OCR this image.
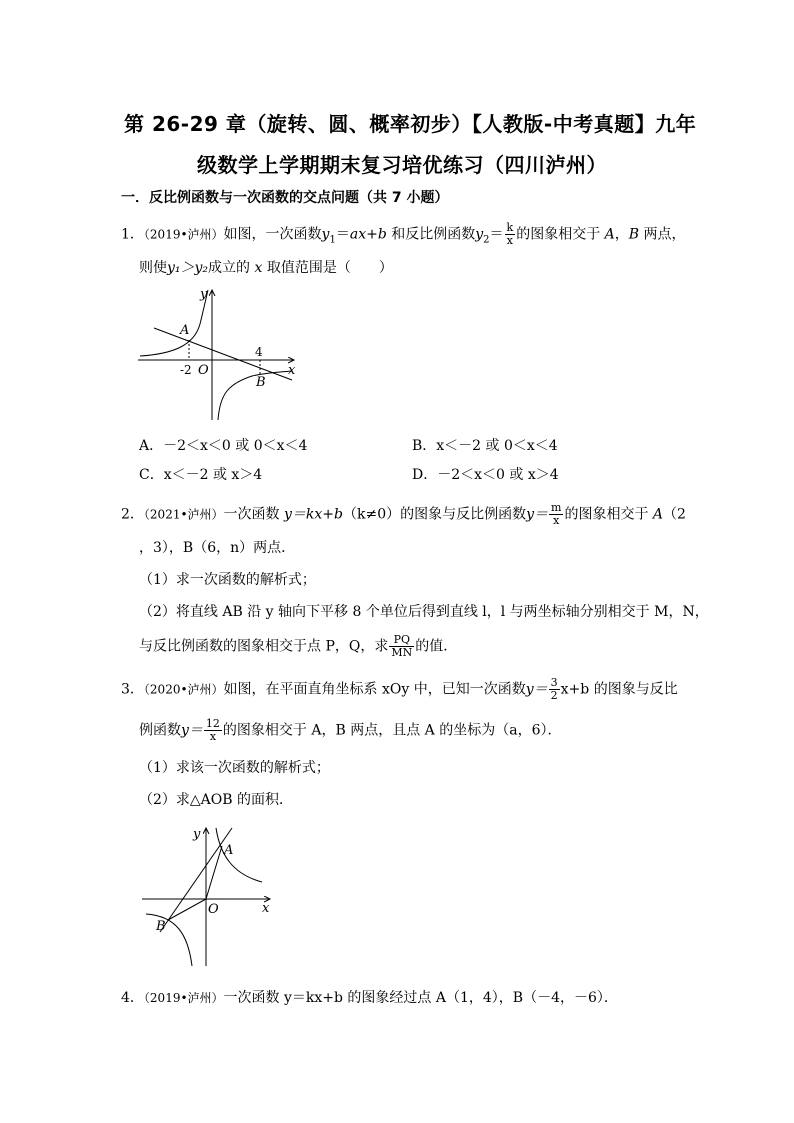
第 26-29 章（旋转、圆、概率初步）【人教版-中考真题】九年
级数学上学期期末复习培优练习（四川泸州）
一．反比例函数与一次函数的交点问题（共 7 小题）
1．（2019•泸州）如图，一次函数$y_1=ax+b$ 和反比例函数$y_2= \frac{k}{x}$ 的图象相交于 A，B 两点，
则使y₁＞y₂成立的 x 取值范围是（　　）
y
x
A
B
O
-2
4
A．－2＜x＜0 或 0＜x＜4	B．x＜－2 或 0＜x＜4
C．x＜－2 或 x＞4	D．－2＜x＜0 或 x＞4
2．（2021•泸州）一次函数 y＝kx+b（k≠0）的图象与反比例函数$y= \frac{m}{x}$ 的图象相交于 A（2
，3），B（6，n）两点．
（1）求一次函数的解析式；
（2）将直线 AB 沿 y 轴向下平移 8 个单位后得到直线 l，l 与两坐标轴分别相交于 M，N，
与反比例函数的图象相交于点 P，Q，求 $\frac{PQ}{MN}$ 的值．
3．（2020•泸州）如图，在平面直角坐标系 xOy 中，已知一次函数$y= \frac{3}{2} x+b$ 的图象与反比
例函数$y= \frac{12}{x}$ 的图象相交于 A，B 两点，且点 A 的坐标为（a，6）．
（1）求该一次函数的解析式；
（2）求△AOB 的面积．
y
x
A
B
O
4．（2019•泸州）一次函数 y＝kx+b 的图象经过点 A（1，4），B（－4，－6）．
